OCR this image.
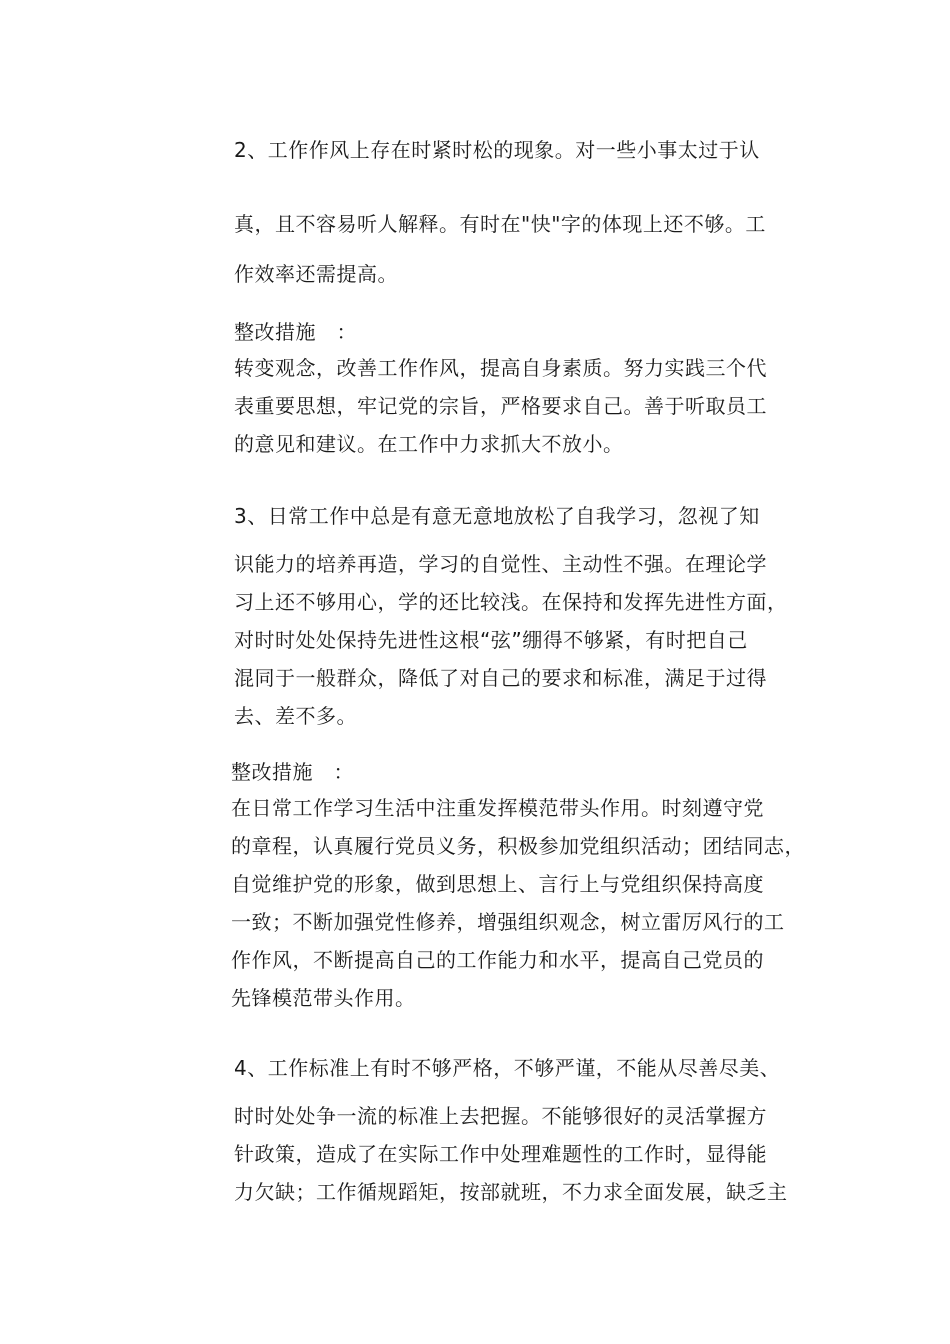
2、工作作风上存在时紧时松的现象。对一些小事太过于认
真，且不容易听人解释。有时在"快"字的体现上还不够。工
作效率还需提高。
整改措施　：
转变观念，改善工作作风，提高自身素质。努力实践三个代
表重要思想，牢记党的宗旨，严格要求自己。善于听取员工
的意见和建议。在工作中力求抓大不放小。
3、日常工作中总是有意无意地放松了自我学习，忽视了知
识能力的培养再造，学习的自觉性、主动性不强。在理论学
习上还不够用心，学的还比较浅。在保持和发挥先进性方面，
对时时处处保持先进性这根“弦”绷得不够紧，有时把自己
混同于一般群众，降低了对自己的要求和标准，满足于过得
去、差不多。
整改措施　：
在日常工作学习生活中注重发挥模范带头作用。时刻遵守党
的章程，认真履行党员义务，积极参加党组织活动；团结同志，
自觉维护党的形象，做到思想上、言行上与党组织保持高度
一致；不断加强党性修养，增强组织观念，树立雷厉风行的工
作作风，不断提高自己的工作能力和水平，提高自己党员的
先锋模范带头作用。
4、工作标准上有时不够严格，不够严谨，不能从尽善尽美、
时时处处争一流的标准上去把握。不能够很好的灵活掌握方
针政策，造成了在实际工作中处理难题性的工作时，显得能
力欠缺；工作循规蹈矩，按部就班，不力求全面发展，缺乏主
